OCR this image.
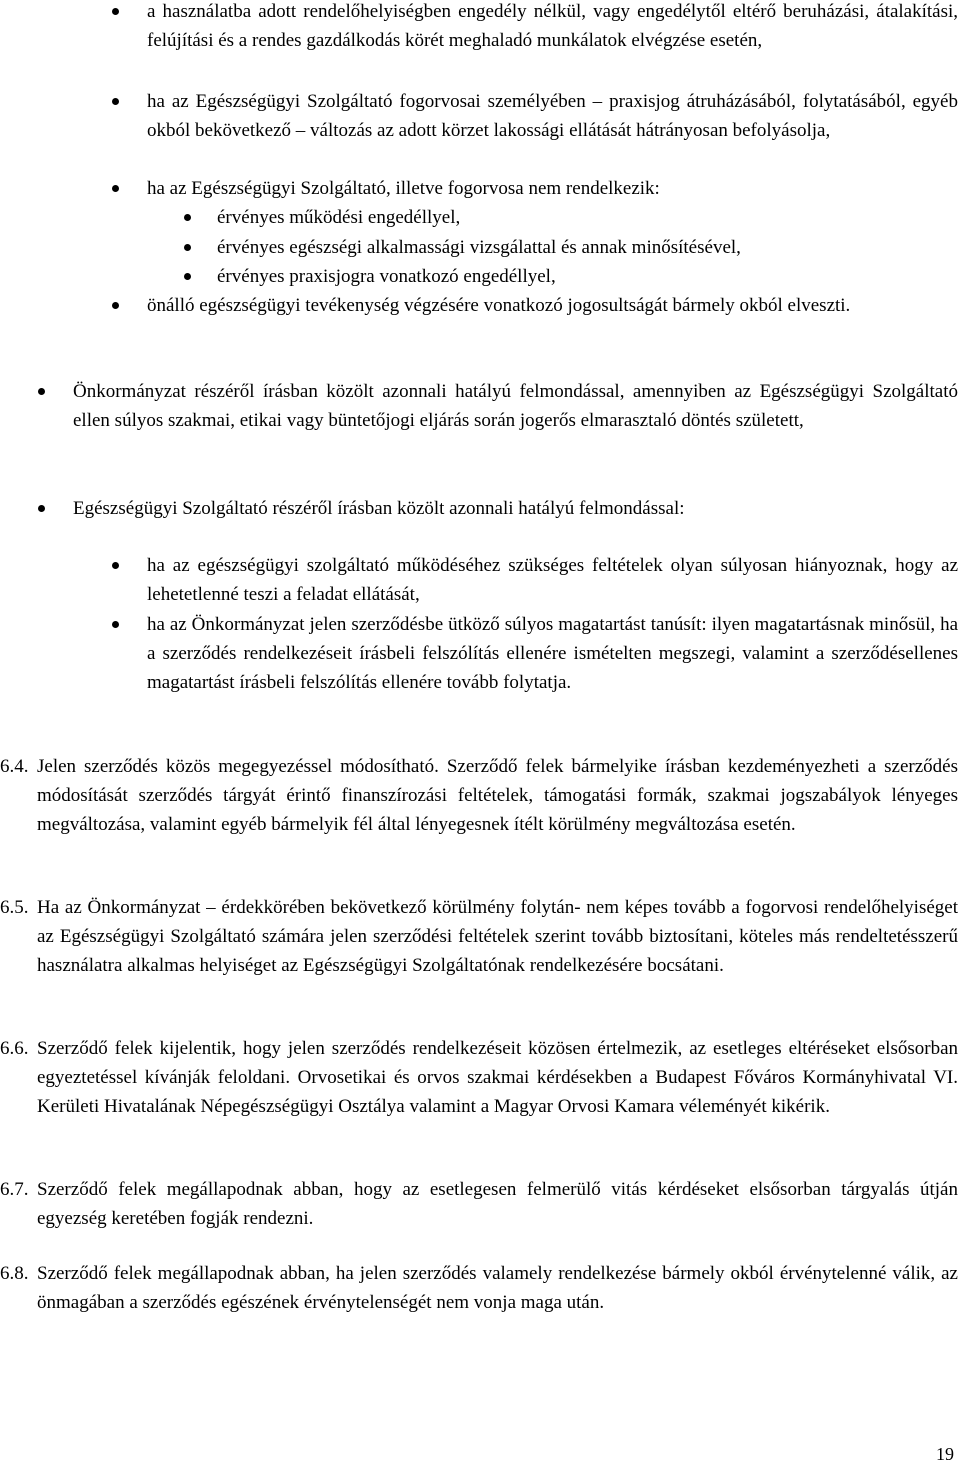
a használatba adott rendelőhelyiségben engedély nélkül, vagy engedélytől eltérő beruházási, átalakítási, felújítási és a rendes gazdálkodás körét meghaladó munkálatok elvégzése esetén,
ha az Egészségügyi Szolgáltató fogorvosai személyében – praxisjog átruházásából, folytatásából, egyéb okból bekövetkező – változás az adott körzet lakossági ellátását hátrányosan befolyásolja,
ha az Egészségügyi Szolgáltató, illetve fogorvosa nem rendelkezik:
érvényes működési engedéllyel,
érvényes egészségi alkalmassági vizsgálattal és annak minősítésével,
érvényes praxisjogra vonatkozó engedéllyel,
önálló egészségügyi tevékenység végzésére vonatkozó jogosultságát bármely okból elveszti.
Önkormányzat részéről írásban közölt azonnali hatályú felmondással, amennyiben az Egészségügyi Szolgáltató ellen súlyos szakmai, etikai vagy büntetőjogi eljárás során jogerős elmarasztaló döntés született,
Egészségügyi Szolgáltató részéről írásban közölt azonnali hatályú felmondással:
ha az egészségügyi szolgáltató működéséhez szükséges feltételek olyan súlyosan hiányoznak, hogy az lehetetlenné teszi a feladat ellátását,
ha az Önkormányzat jelen szerződésbe ütköző súlyos magatartást tanúsít: ilyen magatartásnak minősül, ha a szerződés rendelkezéseit írásbeli felszólítás ellenére ismételten megszegi, valamint a szerződésellenes magatartást írásbeli felszólítás ellenére tovább folytatja.
6.4. Jelen szerződés közös megegyezéssel módosítható. Szerződő felek bármelyike írásban kezdeményezheti a szerződés módosítását szerződés tárgyát érintő finanszírozási feltételek, támogatási formák, szakmai jogszabályok lényeges megváltozása, valamint egyéb bármelyik fél által lényegesnek ítélt körülmény megváltozása esetén.
6.5. Ha az Önkormányzat – érdekkörében bekövetkező körülmény folytán- nem képes tovább a fogorvosi rendelőhelyiséget az Egészségügyi Szolgáltató számára jelen szerződési feltételek szerint tovább biztosítani, köteles más rendeltetésszerű használatra alkalmas helyiséget az Egészségügyi Szolgáltatónak rendelkezésére bocsátani.
6.6. Szerződő felek kijelentik, hogy jelen szerződés rendelkezéseit közösen értelmezik, az esetleges eltéréseket elsősorban egyeztetéssel kívánják feloldani. Orvosetikai és orvos szakmai kérdésekben a Budapest Főváros Kormányhivatal VI. Kerületi Hivatalának Népegészségügyi Osztálya valamint a Magyar Orvosi Kamara véleményét kikérik.
6.7. Szerződő felek megállapodnak abban, hogy az esetlegesen felmerülő vitás kérdéseket elsősorban tárgyalás útján egyezség keretében fogják rendezni.
6.8. Szerződő felek megállapodnak abban, ha jelen szerződés valamely rendelkezése bármely okból érvénytelenné válik, az önmagában a szerződés egészének érvénytelenségét nem vonja maga után.
19
